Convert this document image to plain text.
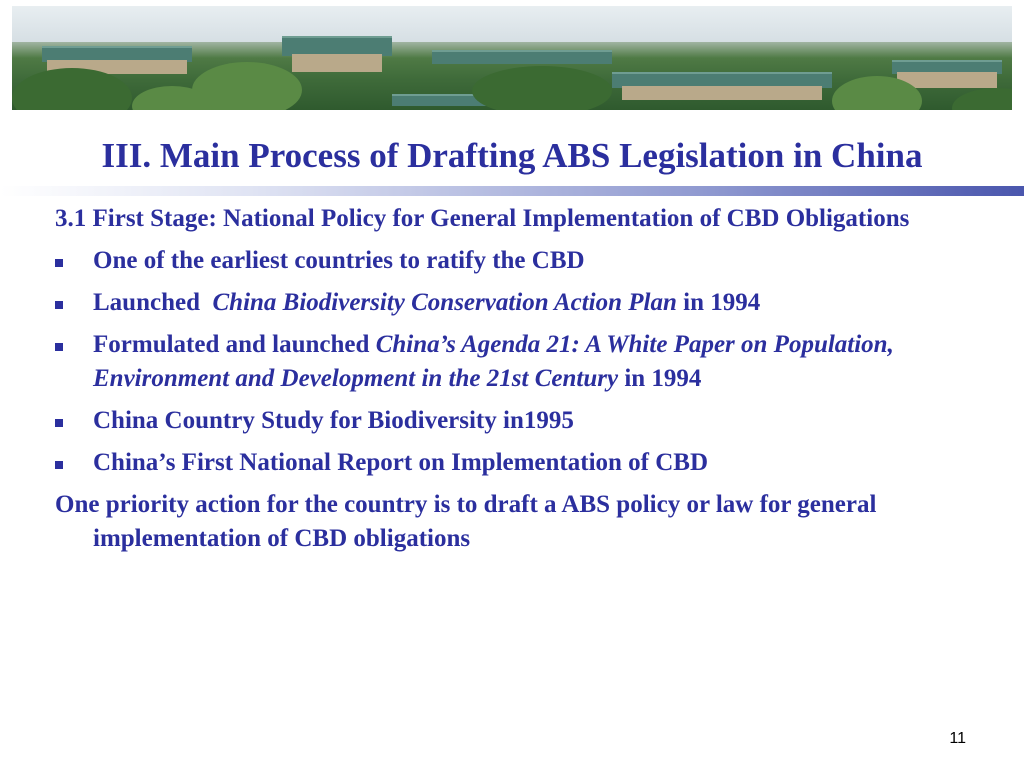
III. Main Process of Drafting ABS Legislation in China

3.1 First Stage: National Policy for General Implementation of CBD Obligations

One of the earliest countries to ratify the CBD
Launched  China Biodiversity Conservation Action Plan in 1994
Formulated and launched China’s Agenda 21: A White Paper on Population, Environment and Development in the 21st Century in 1994
China Country Study for Biodiversity in1995
China’s First National Report on Implementation of CBD

One priority action for the country is to draft a ABS policy or law for general implementation of CBD obligations

11
